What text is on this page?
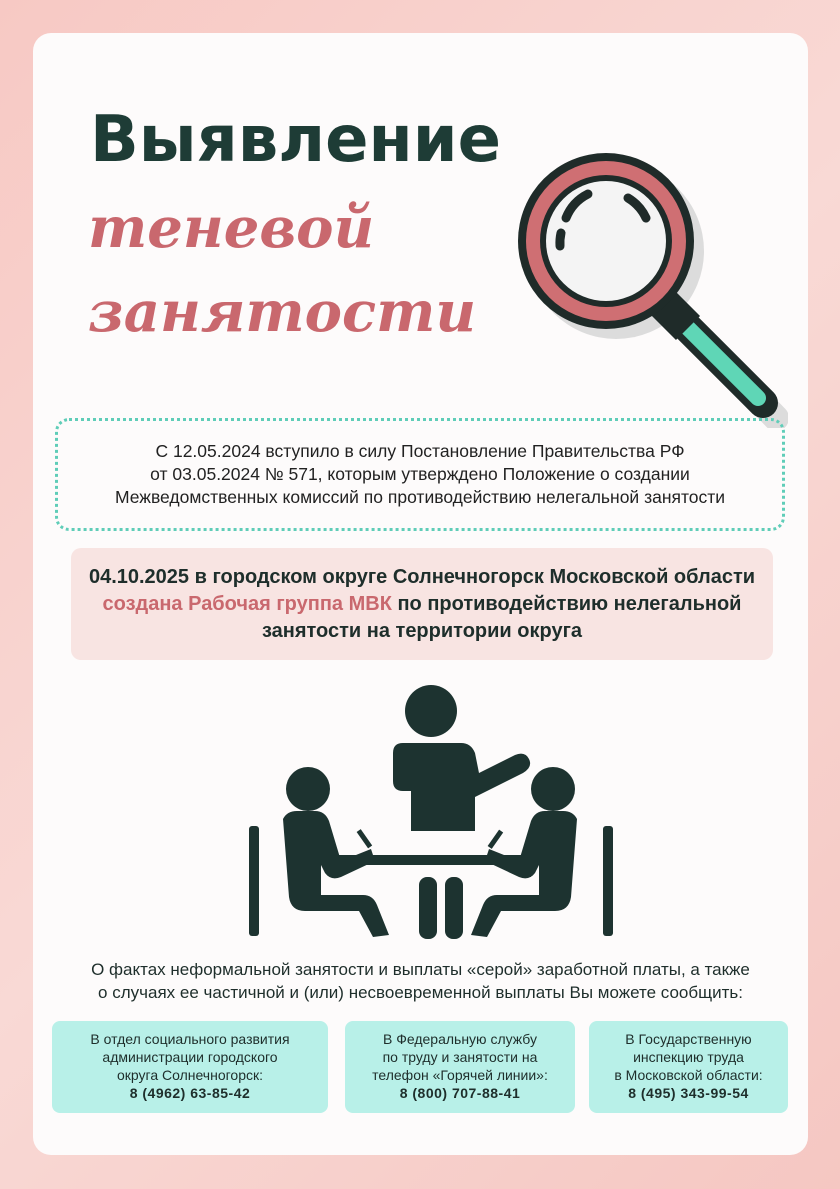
Выявление
теневой
занятости

С 12.05.2024 вступило в силу Постановление Правительства РФ
от 03.05.2024 № 571, которым утверждено Положение о создании
Межведомственных комиссий по противодействию нелегальной занятости

04.10.2025 в городском округе Солнечногорск Московской области создана Рабочая группа МВК по противодействию нелегальной занятости на территории округа

О фактах неформальной занятости и выплаты «серой» заработной платы, а также
о случаях ее частичной и (или) несвоевременной выплаты Вы можете сообщить:
В отдел социального развития
администрации городского
округа Солнечногорск:
8 (4962) 63-85-42
В Федеральную службу
по труду и занятости на
телефон «Горячей линии»:
8 (800) 707-88-41
В Государственную
инспекцию труда
в Московской области:
8 (495) 343-99-54
